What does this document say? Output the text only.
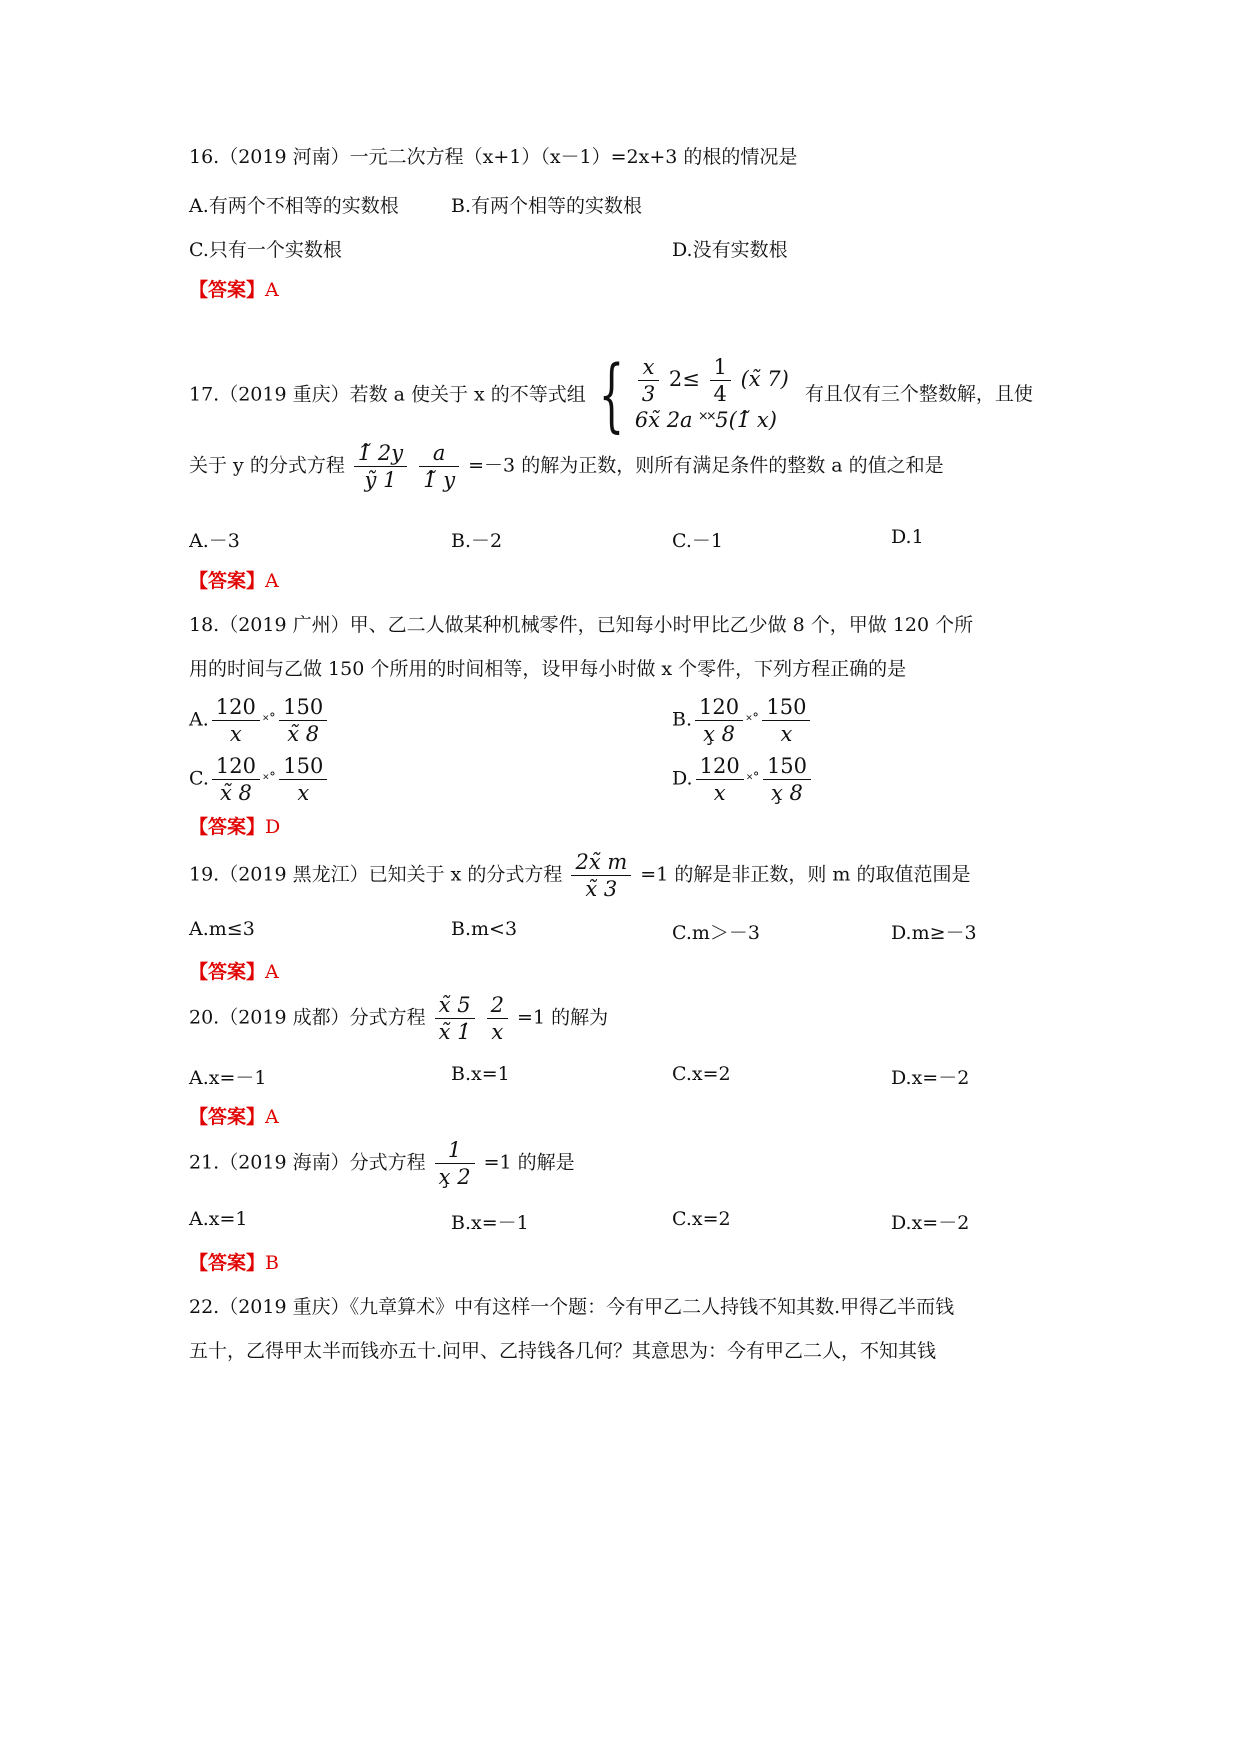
16.（2019 河南）一元二次方程（x+1）（x－1）=2x+3 的根的情况是
A.有两个不相等的实数根	B.有两个相等的实数根
C.只有一个实数根	D.没有实数根
【答案】A
17.（2019 重庆）若数 a 使关于 x 的不等式组 { $\frac{x}{3} 2\le \frac{1}{4}$ (x̃ 7)
6x̃ 2a ˟˟5(1̃ x)
有且仅有三个整数解，且使
关于 y 的分式方程 $\frac{1̃ 2y}{\text{ỹ 1}}$
$\frac{a}{1̃ y} =-3$ 的解为正数，则所有满足条件的整数 a 的值之和是
A.－3	B.－2	C.－1	D.1
【答案】A
18.（2019 广州）甲、乙二人做某种机械零件，已知每小时甲比乙少做 8 个，甲做 120 个所
用的时间与乙做 150 个所用的时间相等，设甲每小时做 x 个零件，下列方程正确的是
A. $\frac{120}{x}$ ˟˚ $\frac{150}{x̃ 8}$	B. $\frac{120}{x̧ 8}$ ˟˚ $\frac{150}{x}$
C. $\frac{120}{x̃ 8}$ ˟˚ $\frac{150}{x}$	D. $\frac{120}{x}$ ˟˚ $\frac{150}{x̧ 8}$
【答案】D
19.（2019 黑龙江）已知关于 x 的分式方程 $\frac{2x̃ m}{x̃ 3} =1$ 的解是非正数，则 m 的取值范围是
A.m≤3	B.m<3	C.m＞－3	D.m≥－3
【答案】A
20.（2019 成都）分式方程 $\frac{x̃ 5}{x̃ 1̇}$
$\frac{2}{x} =1$ 的解为
A.x=－1	B.x=1	C.x=2	D.x=－2
【答案】A
21.（2019 海南）分式方程 $\frac{1}{x̧ 2} =1$ 的解是
A.x=1	B.x=－1	C.x=2	D.x=－2
【答案】B
22.（2019 重庆）《九章算术》中有这样一个题：今有甲乙二人持钱不知其数.甲得乙半而钱
五十，乙得甲太半而钱亦五十.问甲、乙持钱各几何？其意思为：今有甲乙二人，不知其钱
